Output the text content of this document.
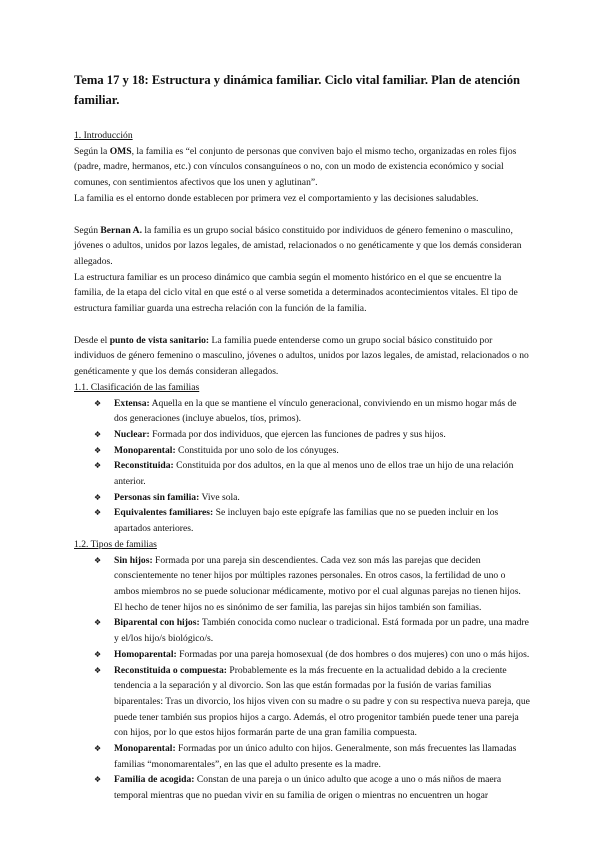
Tema 17 y 18: Estructura y dinámica familiar. Ciclo vital familiar. Plan de atención familiar.

1. Introducción

Según la OMS, la familia es “el conjunto de personas que conviven bajo el mismo techo, organizadas en roles fijos (padre, madre, hermanos, etc.) con vínculos consanguíneos o no, con un modo de existencia económico y social comunes, con sentimientos afectivos que los unen y aglutinan”.

La familia es el entorno donde establecen por primera vez el comportamiento y las decisiones saludables.

Según Bernan A. la familia es un grupo social básico constituido por individuos de género femenino o masculino, jóvenes o adultos, unidos por lazos legales, de amistad, relacionados o no genéticamente y que los demás consideran allegados.

La estructura familiar es un proceso dinámico que cambia según el momento histórico en el que se encuentre la familia, de la etapa del ciclo vital en que esté o al verse sometida a determinados acontecimientos vitales. El tipo de estructura familiar guarda una estrecha relación con la función de la familia.

Desde el punto de vista sanitario: La familia puede entenderse como un grupo social básico constituido por individuos de género femenino o masculino, jóvenes o adultos, unidos por lazos legales, de amistad, relacionados o no genéticamente y que los demás consideran allegados.

1.1. Clasificación de las familias

❖ Extensa: Aquella en la que se mantiene el vínculo generacional, conviviendo en un mismo hogar más de dos generaciones (incluye abuelos, tíos, primos).
❖ Nuclear: Formada por dos individuos, que ejercen las funciones de padres y sus hijos.
❖ Monoparental: Constituida por uno solo de los cónyuges.
❖ Reconstituida: Constituida por dos adultos, en la que al menos uno de ellos trae un hijo de una relación anterior.
❖ Personas sin familia: Vive sola.
❖ Equivalentes familiares: Se incluyen bajo este epígrafe las familias que no se pueden incluir en los apartados anteriores.

1.2. Tipos de familias

❖ Sin hijos: Formada por una pareja sin descendientes. Cada vez son más las parejas que deciden conscientemente no tener hijos por múltiples razones personales. En otros casos, la fertilidad de uno o ambos miembros no se puede solucionar médicamente, motivo por el cual algunas parejas no tienen hijos. El hecho de tener hijos no es sinónimo de ser familia, las parejas sin hijos también son familias.
❖ Biparental con hijos: También conocida como nuclear o tradicional. Está formada por un padre, una madre y el/los hijo/s biológico/s.
❖ Homoparental: Formadas por una pareja homosexual (de dos hombres o dos mujeres) con uno o más hijos.
❖ Reconstituida o compuesta: Probablemente es la más frecuente en la actualidad debido a la creciente tendencia a la separación y al divorcio. Son las que están formadas por la fusión de varias familias biparentales: Tras un divorcio, los hijos viven con su madre o su padre y con su respectiva nueva pareja, que puede tener también sus propios hijos a cargo. Además, el otro progenitor también puede tener una pareja con hijos, por lo que estos hijos formarán parte de una gran familia compuesta.
❖ Monoparental: Formadas por un único adulto con hijos. Generalmente, son más frecuentes las llamadas familias “monomarentales”, en las que el adulto presente es la madre.
❖ Familia de acogida: Constan de una pareja o un único adulto que acoge a uno o más niños de maera temporal mientras que no puedan vivir en su familia de origen o mientras no encuentren un hogar
